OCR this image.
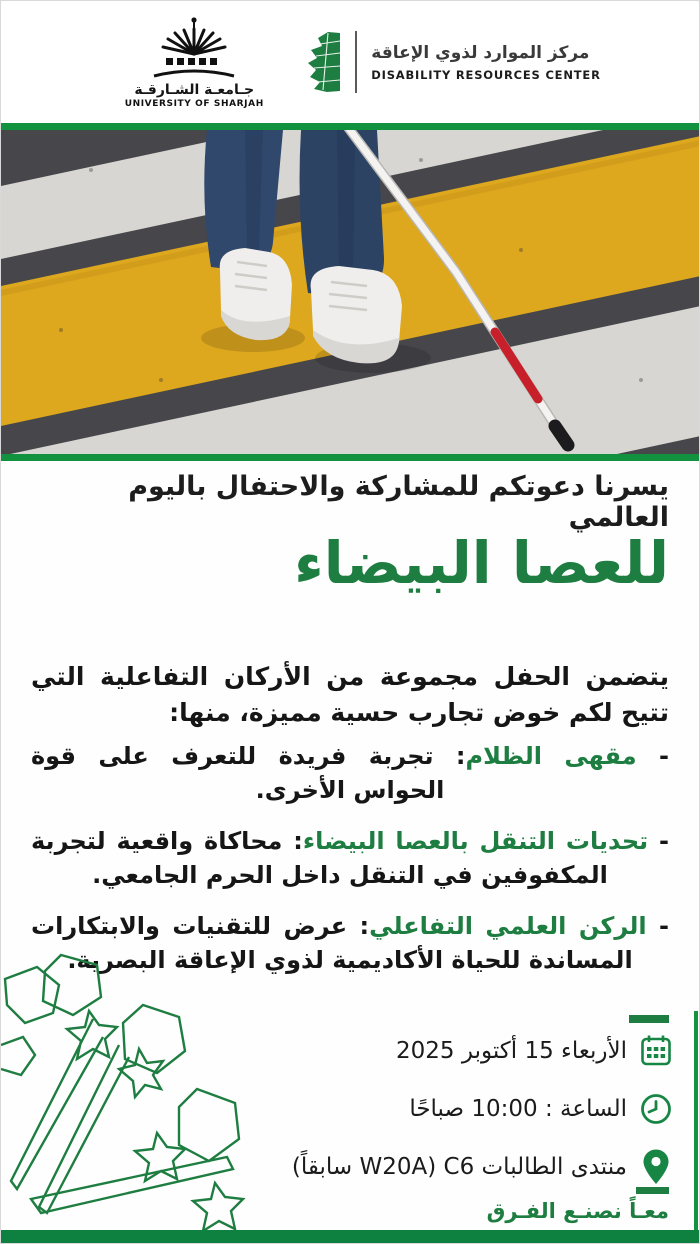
جـامعـة الشـارقـة
UNIVERSITY OF SHARJAH
مركز الموارد لذوي الإعاقة
DISABILITY RESOURCES CENTER
يسرنا دعوتكم للمشاركة والاحتفال باليوم العالمي
للعصا البيضاء
يتضمن الحفل مجموعة من الأركان التفاعلية التي تتيح لكم خوض تجارب حسية مميزة، منها:
- مقهى الظلام: تجربة فريدة للتعرف على قوة الحواس الأخرى.
- تحديات التنقل بالعصا البيضاء: محاكاة واقعية لتجربة المكفوفين في التنقل داخل الحرم الجامعي.
- الركن العلمي التفاعلي: عرض للتقنيات والابتكارات المساندة للحياة الأكاديمية لذوي الإعاقة البصرية.
الأربعاء 15 أكتوبر 2025
الساعة : 10:00 صباحًا
منتدى الطالبات C6 (W20A سابقاً)
معـاً نصنـع الفـرق
